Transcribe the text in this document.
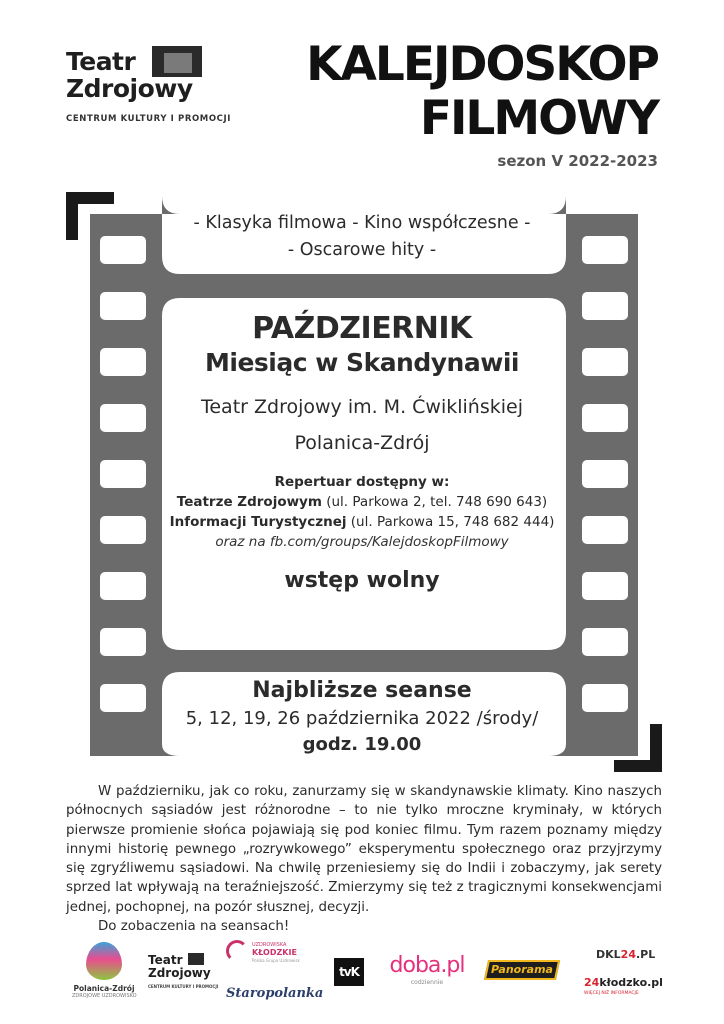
Teatr
Zdrojowy
CENTRUM KULTURY I PROMOCJI
KALEJDOSKOP
FILMOWY
sezon V 2022-2023
- Klasyka filmowa - Kino współczesne -
- Oscarowe hity -
PAŹDZIERNIK
Miesiąc w Skandynawii
Teatr Zdrojowy im. M. Ćwiklińskiej
Polanica-Zdrój
Repertuar dostępny w:
Teatrze Zdrojowym (ul. Parkowa 2, tel. 748 690 643)
Informacji Turystycznej (ul. Parkowa 15, 748 682 444)
oraz na fb.com/groups/KalejdoskopFilmowy
wstęp wolny
Najbliższe seanse
5, 12, 19, 26 października 2022 /środy/
godz. 19.00

W październiku, jak co roku, zanurzamy się w skandynawskie klimaty. Kino naszych północnych sąsiadów jest różnorodne – to nie tylko mroczne kryminały, w których pierwsze promienie słońca pojawiają się pod koniec filmu. Tym razem poznamy między innymi historię pewnego „rozrywkowego” eksperymentu społecznego oraz przyjrzymy się zgryźliwemu sąsiadowi. Na chwilę przeniesiemy się do Indii i zobaczymy, jak serety sprzed lat wpływają na teraźniejszość. Zmierzymy się też z tragicznymi konsekwencjami jednej, pochopnej, na pozór słusznej, decyzji.

Do zobaczenia na seansach!

Polanica-Zdrój
ZDROJOWE UZDROWISKO
Teatr
Zdrojowy
CENTRUM KULTURY I PROMOCJI
UZDROWISKA
KŁODZKIE
Polska Grupa Uzdrowisk
Staropolanka
tvK doba.pl
codziennie
Panorama
DKL24.PL
24kłodzko.pl
WIĘCEJ NIŻ INFORMACJE
